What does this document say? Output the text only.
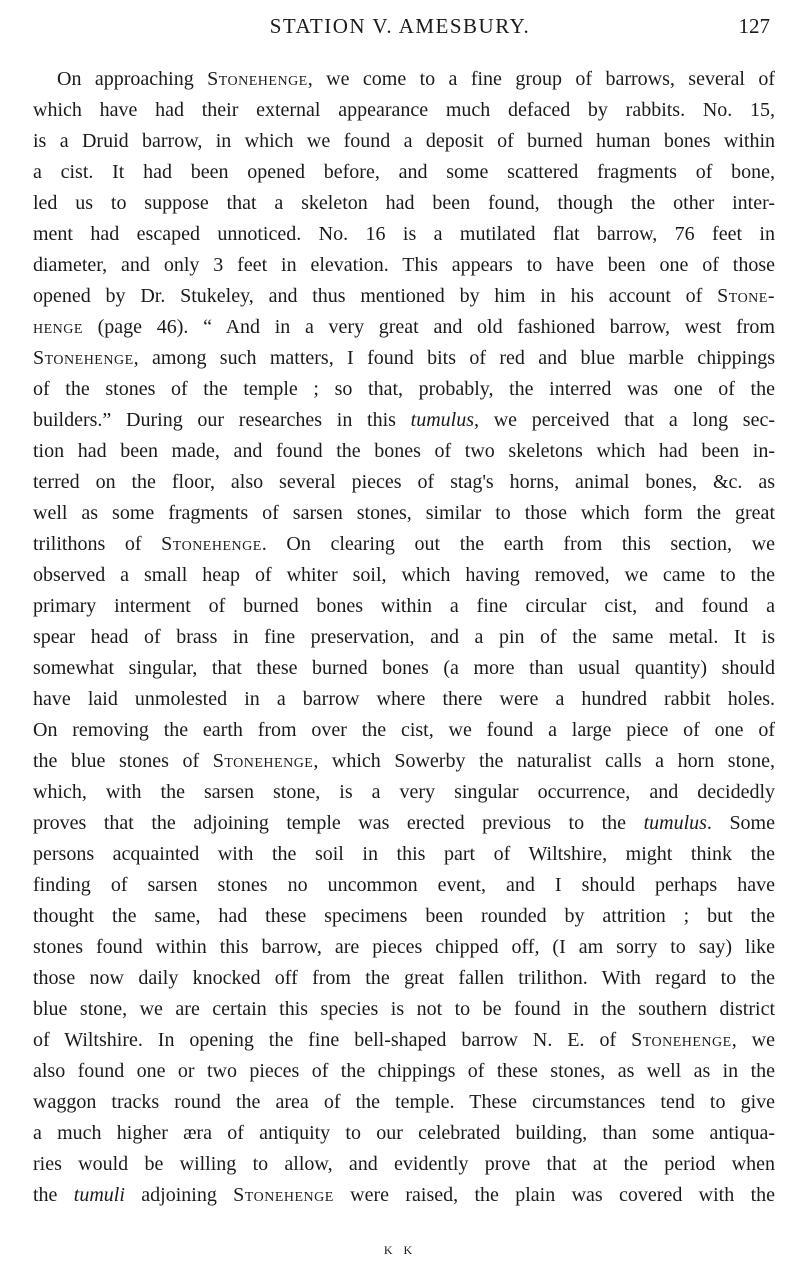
STATION V. AMESBURY.	127
On approaching Stonehenge, we come to a fine group of barrows, several of
which have had their external appearance much defaced by rabbits. No. 15,
is a Druid barrow, in which we found a deposit of burned human bones within
a cist. It had been opened before, and some scattered fragments of bone,
led us to suppose that a skeleton had been found, though the other inter-
ment had escaped unnoticed. No. 16 is a mutilated flat barrow, 76 feet in
diameter, and only 3 feet in elevation. This appears to have been one of those
opened by Dr. Stukeley, and thus mentioned by him in his account of Stone-
henge (page 46). “ And in a very great and old fashioned barrow, west from
Stonehenge, among such matters, I found bits of red and blue marble chippings
of the stones of the temple ; so that, probably, the interred was one of the
builders.” During our researches in this tumulus, we perceived that a long sec-
tion had been made, and found the bones of two skeletons which had been in-
terred on the floor, also several pieces of stag's horns, animal bones, &c. as
well as some fragments of sarsen stones, similar to those which form the great
trilithons of Stonehenge. On clearing out the earth from this section, we
observed a small heap of whiter soil, which having removed, we came to the
primary interment of burned bones within a fine circular cist, and found a
spear head of brass in fine preservation, and a pin of the same metal. It is
somewhat singular, that these burned bones (a more than usual quantity) should
have laid unmolested in a barrow where there were a hundred rabbit holes.
On removing the earth from over the cist, we found a large piece of one of
the blue stones of Stonehenge, which Sowerby the naturalist calls a horn stone,
which, with the sarsen stone, is a very singular occurrence, and decidedly
proves that the adjoining temple was erected previous to the tumulus. Some
persons acquainted with the soil in this part of Wiltshire, might think the
finding of sarsen stones no uncommon event, and I should perhaps have
thought the same, had these specimens been rounded by attrition ; but the
stones found within this barrow, are pieces chipped off, (I am sorry to say) like
those now daily knocked off from the great fallen trilithon. With regard to the
blue stone, we are certain this species is not to be found in the southern district
of Wiltshire. In opening the fine bell-shaped barrow N. E. of Stonehenge, we
also found one or two pieces of the chippings of these stones, as well as in the
waggon tracks round the area of the temple. These circumstances tend to give
a much higher æra of antiquity to our celebrated building, than some antiqua-
ries would be willing to allow, and evidently prove that at the period when
the tumuli adjoining Stonehenge were raised, the plain was covered with the
K K
